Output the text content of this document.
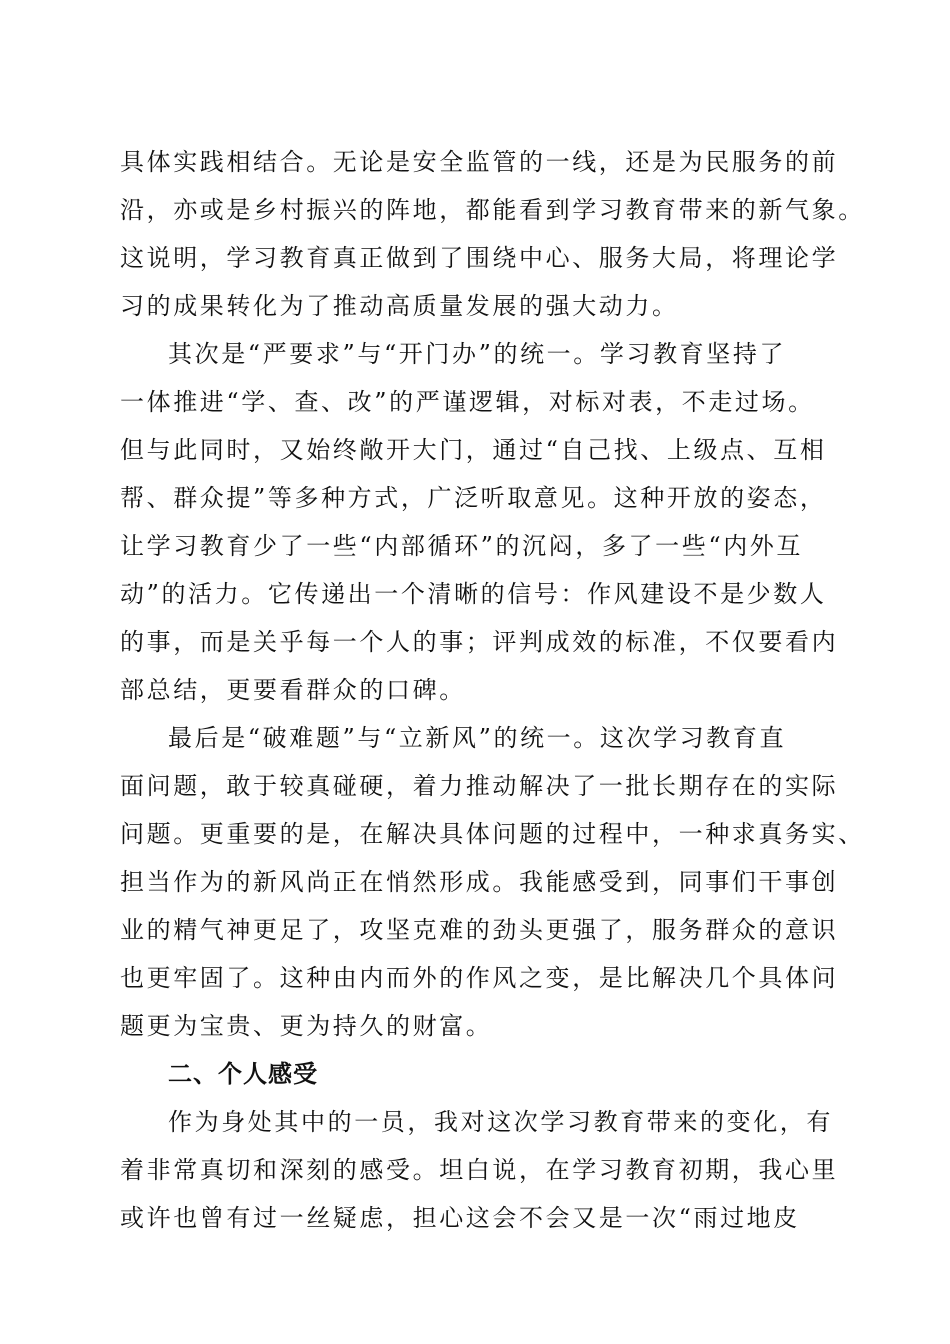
具体实践相结合。无论是安全监管的一线，还是为民服务的前
沿，亦或是乡村振兴的阵地，都能看到学习教育带来的新气象。
这说明，学习教育真正做到了围绕中心、服务大局，将理论学
习的成果转化为了推动高质量发展的强大动力。
其次是“严要求”与“开门办”的统一。学习教育坚持了
一体推进“学、查、改”的严谨逻辑，对标对表，不走过场。
但与此同时，又始终敞开大门，通过“自己找、上级点、互相
帮、群众提”等多种方式，广泛听取意见。这种开放的姿态，
让学习教育少了一些“内部循环”的沉闷，多了一些“内外互
动”的活力。它传递出一个清晰的信号：作风建设不是少数人
的事，而是关乎每一个人的事；评判成效的标准，不仅要看内
部总结，更要看群众的口碑。
最后是“破难题”与“立新风”的统一。这次学习教育直
面问题，敢于较真碰硬，着力推动解决了一批长期存在的实际
问题。更重要的是，在解决具体问题的过程中，一种求真务实、
担当作为的新风尚正在悄然形成。我能感受到，同事们干事创
业的精气神更足了，攻坚克难的劲头更强了，服务群众的意识
也更牢固了。这种由内而外的作风之变，是比解决几个具体问
题更为宝贵、更为持久的财富。
二、个人感受
作为身处其中的一员，我对这次学习教育带来的变化，有
着非常真切和深刻的感受。坦白说，在学习教育初期，我心里
或许也曾有过一丝疑虑，担心这会不会又是一次“雨过地皮
